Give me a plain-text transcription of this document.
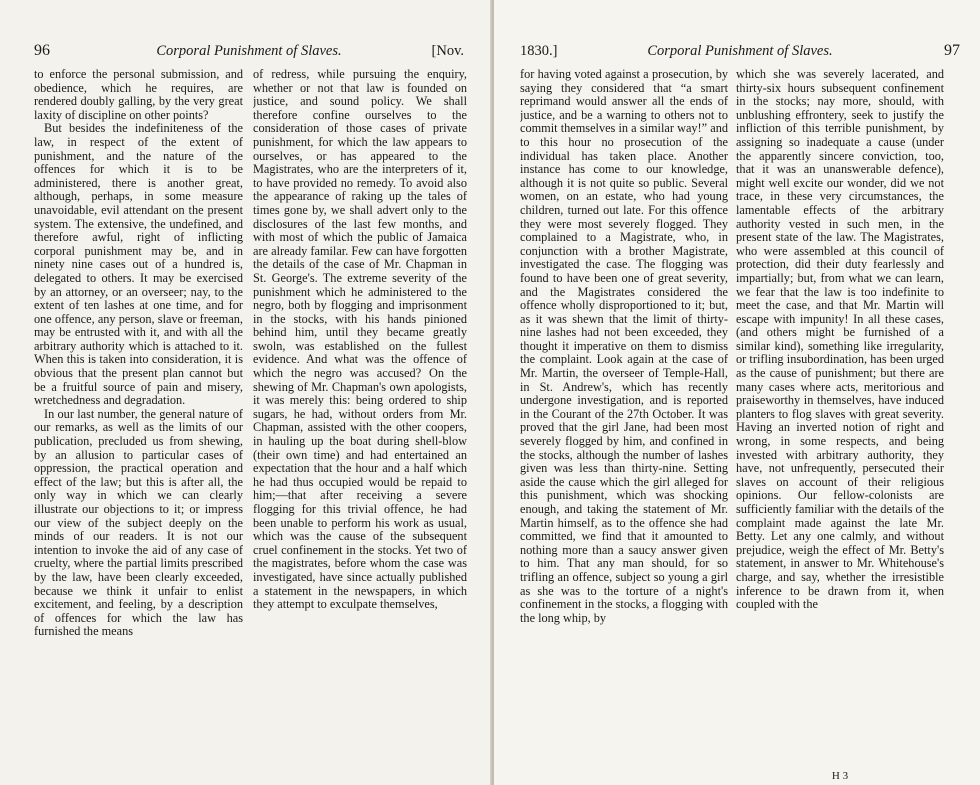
96	Corporal Punishment of Slaves.	[Nov.

to enforce the personal submission, and obedience, which he requires, are rendered doubly galling, by the very great laxity of discipline on other points?

But besides the indefiniteness of the law, in respect of the extent of punishment, and the nature of the offences for which it is to be administered, there is another great, although, perhaps, in some measure unavoidable, evil attendant on the present system. The extensive, the undefined, and therefore awful, right of inflicting corporal punishment may be, and in ninety nine cases out of a hundred is, delegated to others. It may be exercised by an attorney, or an overseer; nay, to the extent of ten lashes at one time, and for one offence, any person, slave or freeman, may be entrusted with it, and with all the arbitrary authority which is attached to it. When this is taken into consideration, it is obvious that the present plan cannot but be a fruitful source of pain and misery, wretchedness and degradation.

In our last number, the general nature of our remarks, as well as the limits of our publication, precluded us from shewing, by an allusion to particular cases of oppression, the practical operation and effect of the law; but this is after all, the only way in which we can clearly illustrate our objections to it; or impress our view of the subject deeply on the minds of our readers. It is not our intention to invoke the aid of any case of cruelty, where the partial limits prescribed by the law, have been clearly exceeded, because we think it unfair to enlist excitement, and feeling, by a description of offences for which the law has furnished the means

of redress, while pursuing the enquiry, whether or not that law is founded on justice, and sound policy. We shall therefore confine ourselves to the consideration of those cases of private punishment, for which the law appears to ourselves, or has appeared to the Magistrates, who are the interpreters of it, to have provided no remedy. To avoid also the appearance of raking up the tales of times gone by, we shall advert only to the disclosures of the last few months, and with most of which the public of Jamaica are already familar. Few can have forgotten the details of the case of Mr. Chapman in St. George's. The extreme severity of the punishment which he administered to the negro, both by flogging and imprisonment in the stocks, with his hands pinioned behind him, until they became greatly swoln, was established on the fullest evidence. And what was the offence of which the negro was accused? On the shewing of Mr. Chapman's own apologists, it was merely this: being ordered to ship sugars, he had, without orders from Mr. Chapman, assisted with the other coopers, in hauling up the boat during shell-blow (their own time) and had entertained an expectation that the hour and a half which he had thus occupied would be repaid to him;—that after receiving a severe flogging for this trivial offence, he had been unable to perform his work as usual, which was the cause of the subsequent cruel confinement in the stocks. Yet two of the magistrates, before whom the case was investigated, have since actually published a statement in the newspapers, in which they attempt to exculpate themselves,

1830.]	Corporal Punishment of Slaves.	97

for having voted against a prosecution, by saying they considered that “a smart reprimand would answer all the ends of justice, and be a warning to others not to commit themselves in a similar way!” and to this hour no prosecution of the individual has taken place. Another instance has come to our knowledge, although it is not quite so public. Several women, on an estate, who had young children, turned out late. For this offence they were most severely flogged. They complained to a Magistrate, who, in conjunction with a brother Magistrate, investigated the case. The flogging was found to have been one of great severity, and the Magistrates considered the offence wholly disproportioned to it; but, as it was shewn that the limit of thirty-nine lashes had not been exceeded, they thought it imperative on them to dismiss the complaint. Look again at the case of Mr. Martin, the overseer of Temple-Hall, in St. Andrew's, which has recently undergone investigation, and is reported in the Courant of the 27th October. It was proved that the girl Jane, had been most severely flogged by him, and confined in the stocks, although the number of lashes given was less than thirty-nine. Setting aside the cause which the girl alleged for this punishment, which was shocking enough, and taking the statement of Mr. Martin himself, as to the offence she had committed, we find that it amounted to nothing more than a saucy answer given to him. That any man should, for so trifling an offence, subject so young a girl as she was to the torture of a night's confinement in the stocks, a flogging with the long whip, by

which she was severely lacerated, and thirty-six hours subsequent confinement in the stocks; nay more, should, with unblushing effrontery, seek to justify the infliction of this terrible punishment, by assigning so inadequate a cause (under the apparently sincere conviction, too, that it was an unanswerable defence), might well excite our wonder, did we not trace, in these very circumstances, the lamentable effects of the arbitrary authority vested in such men, in the present state of the law. The Magistrates, who were assembled at this council of protection, did their duty fearlessly and impartially; but, from what we can learn, we fear that the law is too indefinite to meet the case, and that Mr. Martin will escape with impunity! In all these cases, (and others might be furnished of a similar kind), something like irregularity, or trifling insubordination, has been urged as the cause of punishment; but there are many cases where acts, meritorious and praiseworthy in themselves, have induced planters to flog slaves with great severity. Having an inverted notion of right and wrong, in some respects, and being invested with arbitrary authority, they have, not unfrequently, persecuted their slaves on account of their religious opinions. Our fellow-colonists are sufficiently familiar with the details of the complaint made against the late Mr. Betty. Let any one calmly, and without prejudice, weigh the effect of Mr. Betty's statement, in answer to Mr. Whitehouse's charge, and say, whether the irresistible inference to be drawn from it, when coupled with the

H 3
